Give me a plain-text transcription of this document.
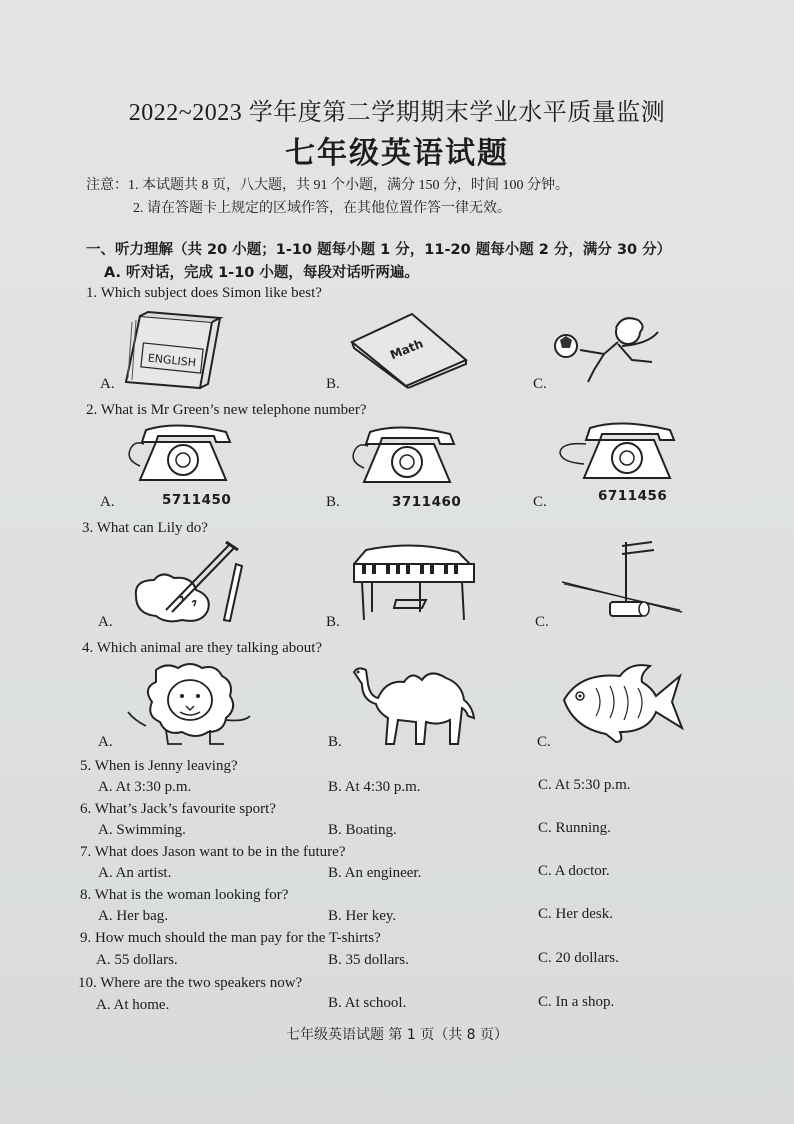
2022~2023 学年度第二学期期末学业水平质量监测
七年级英语试题
注意：1. 本试题共 8 页，八大题，共 91 个小题，满分 150 分，时间 100 分钟。
2. 请在答题卡上规定的区域作答，在其他位置作答一律无效。
一、听力理解（共 20 小题；1-10 题每小题 1 分，11-20 题每小题 2 分，满分 30 分）
A. 听对话，完成 1-10 小题，每段对话听两遍。
1. Which subject does Simon like best?
A.	B.	C.
ENGLISH	Math
2. What is Mr Green’s new telephone number?
A.	5711450	B.	3711460	C.	6711456
3. What can Lily do?
A.	B.	C.
4. Which animal are they talking about?
A.	B.	C.
5. When is Jenny leaving?
A. At 3:30 p.m.	B. At 4:30 p.m.	C. At 5:30 p.m.
6. What’s Jack’s favourite sport?
A. Swimming.	B. Boating.	C. Running.
7. What does Jason want to be in the future?
A. An artist.	B. An engineer.	C. A doctor.
8. What is the woman looking for?
A. Her bag.	B. Her key.	C. Her desk.
9. How much should the man pay for the T-shirts?
A. 55 dollars.	B. 35 dollars.	C. 20 dollars.
10. Where are the two speakers now?
A. At home.	B. At school.	C. In a shop.
七年级英语试题 第 1 页（共 8 页）
